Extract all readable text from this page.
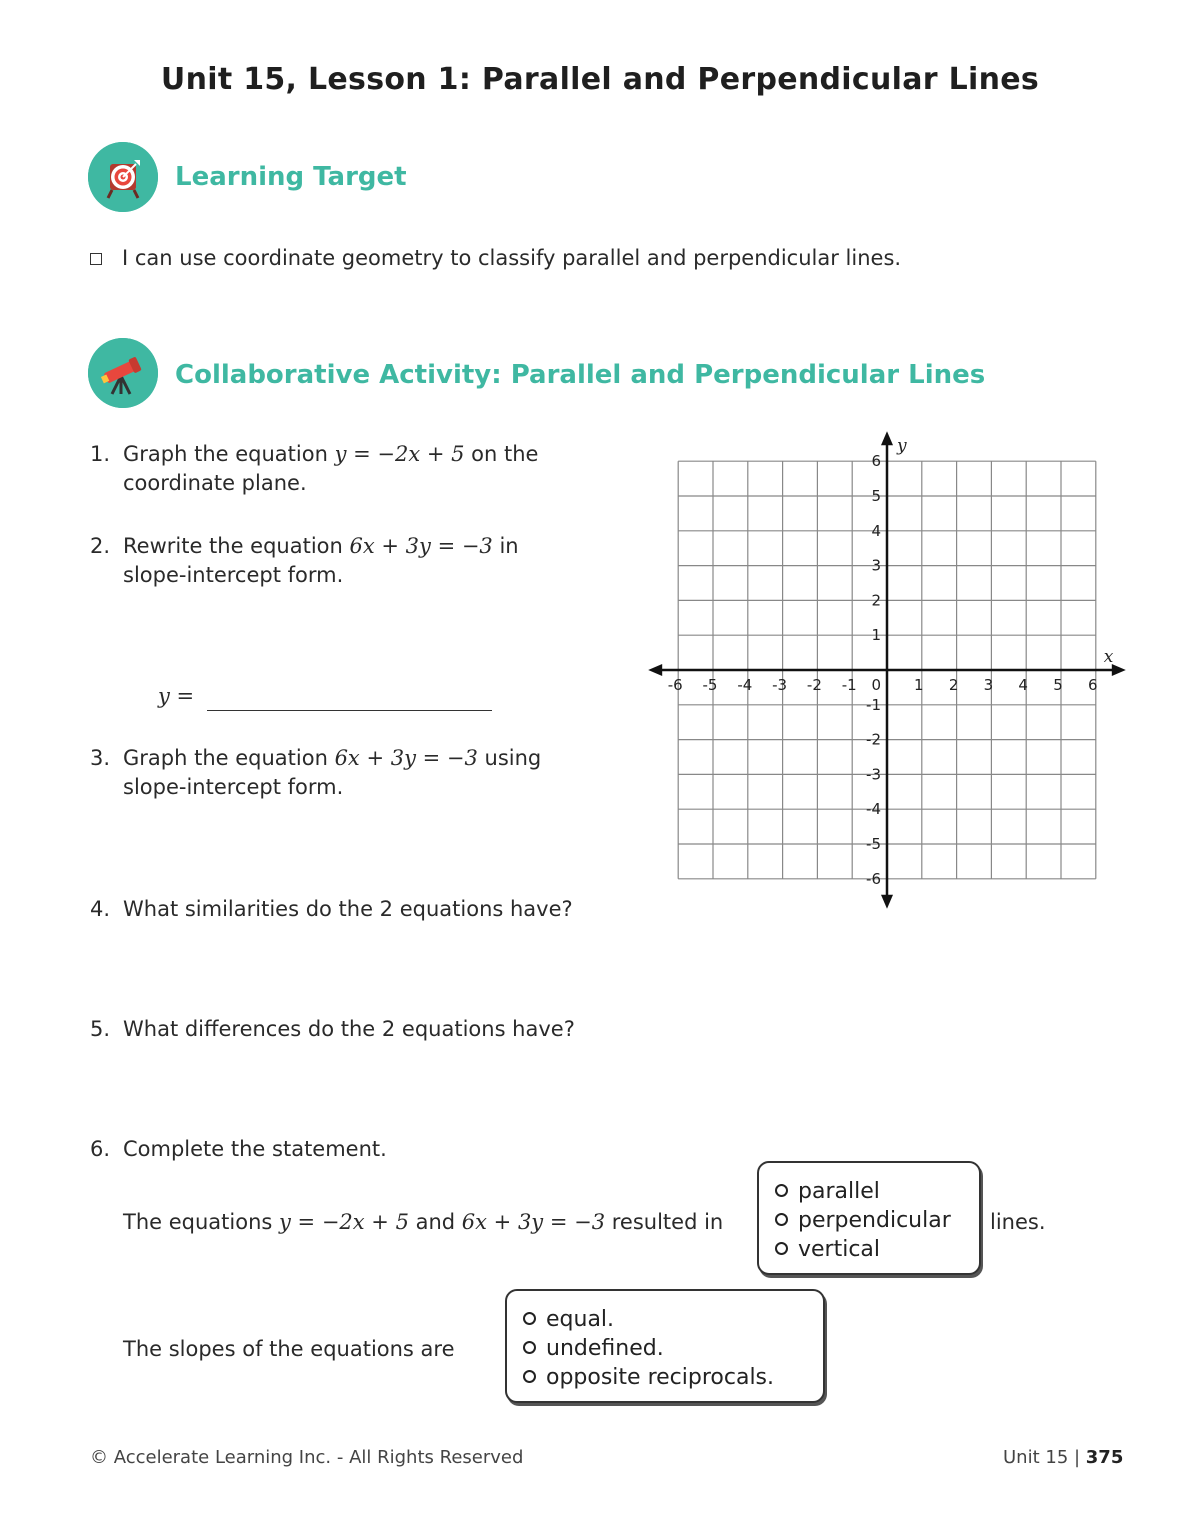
Unit 15, Lesson 1: Parallel and Perpendicular Lines
Learning Target
I can use coordinate geometry to classify parallel and perpendicular lines.
Collaborative Activity: Parallel and Perpendicular Lines
1. Graph the equation y = −2x + 5 on the
coordinate plane.
2. Rewrite the equation 6x + 3y = −3 in
slope-intercept form.
y =
3. Graph the equation 6x + 3y = −3 using
slope-intercept form.
4. What similarities do the 2 equations have?
5. What differences do the 2 equations have?
6. Complete the statement.
The equations y = −2x + 5 and 6x + 3y = −3 resulted in
parallel
perpendicular
vertical
lines.
The slopes of the equations are
equal.
undefined.
opposite reciprocals.
-6 -5 -4 -3 -2 -1	1 2 3 4 5 6
6
5
4
3
2
1
-1
-2
-3
-4
-5
-6
0
x
y
© Accelerate Learning Inc. - All Rights Reserved	Unit 15 | 375
